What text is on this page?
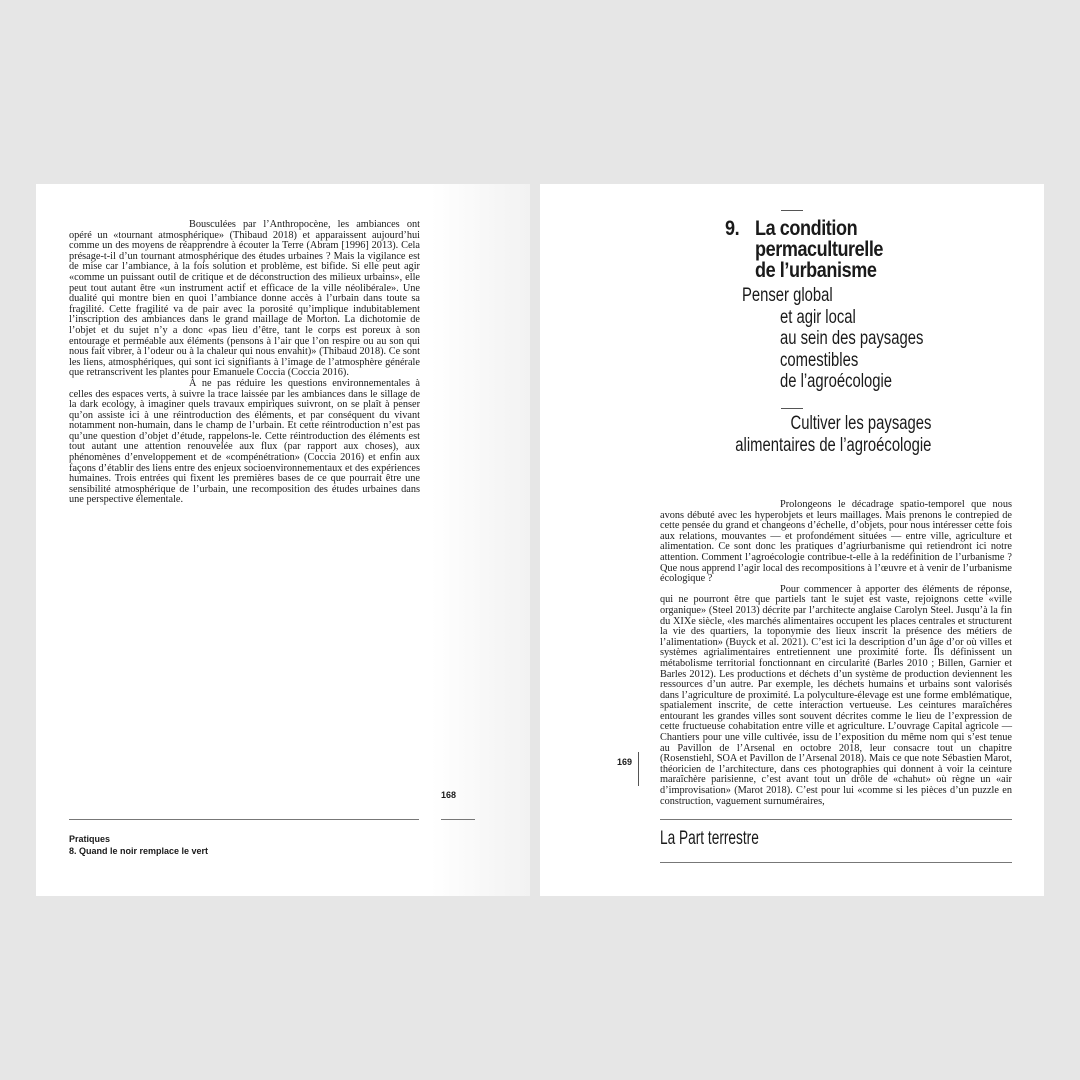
Bousculées par l’Anthropocène, les ambiances ont opéré un «tournant atmosphérique» (Thibaud 2018) et apparaissent aujourd’hui comme un des moyens de réapprendre à écouter la Terre (Abram [1996] 2013). Cela présage-t-il d’un tournant atmosphérique des études urbaines ? Mais la vigilance est de mise car l’ambiance, à la fois solution et problème, est bifide. Si elle peut agir «comme un puissant outil de critique et de déconstruction des milieux urbains», elle peut tout autant être «un instrument actif et efficace de la ville néolibérale». Une dualité qui montre bien en quoi l’ambiance donne accès à l’urbain dans toute sa fragilité. Cette fragilité va de pair avec la porosité qu’implique indubitablement l’inscription des ambiances dans le grand maillage de Morton. La dichotomie de l’objet et du sujet n’y a donc «pas lieu d’être, tant le corps est poreux à son entourage et perméable aux éléments (pensons à l’air que l’on respire ou au son qui nous fait vibrer, à l’odeur ou à la chaleur qui nous envahit)» (Thibaud 2018). Ce sont les liens, atmosphériques, qui sont ici signifiants à l’image de l’atmosphère générale que retranscrivent les plantes pour Emanuele Coccia (Coccia 2016).

À ne pas réduire les questions environnementales à celles des espaces verts, à suivre la trace laissée par les ambiances dans le sillage de la dark ecology, à imaginer quels travaux empiriques suivront, on se plaît à penser qu’on assiste ici à une réintroduction des éléments, et par conséquent du vivant notamment non-humain, dans le champ de l’urbain. Et cette réintroduction n’est pas qu’une question d’objet d’étude, rappelons-le. Cette réintroduction des éléments est tout autant une attention renouvelée aux flux (par rapport aux choses), aux phénomènes d’enveloppement et de «compénétration» (Coccia 2016) et enfin aux façons d’établir des liens entre des enjeux socioenvironnementaux et des expériences humaines. Trois entrées qui fixent les premières bases de ce que pourrait être une sensibilité atmosphérique de l’urbain, une recomposition des études urbaines dans une perspective élementale.

168
Pratiques
8. Quand le noir remplace le vert
9. La condition
permaculturelle
de l’urbanisme
Penser global
et agir local
au sein des paysages
comestibles
de l’agroécologie
Cultiver les paysages
alimentaires de l’agroécologie

Prolongeons le décadrage spatio-temporel que nous avons débuté avec les hyperobjets et leurs maillages. Mais prenons le contrepied de cette pensée du grand et changeons d’échelle, d’objets, pour nous intéresser cette fois aux relations, mouvantes — et profondément situées — entre ville, agriculture et alimentation. Ce sont donc les pratiques d’agriurbanisme qui retiendront ici notre attention. Comment l’agroécologie contribue-t-elle à la redéfinition de l’urbanisme ? Que nous apprend l’agir local des recompositions à l’œuvre et à venir de l’urbanisme écologique ?

Pour commencer à apporter des éléments de réponse, qui ne pourront être que partiels tant le sujet est vaste, rejoignons cette «ville organique» (Steel 2013) décrite par l’architecte anglaise Carolyn Steel. Jusqu’à la fin du XIXe siècle, «les marchés alimentaires occupent les places centrales et structurent la vie des quartiers, la toponymie des lieux inscrit la présence des métiers de l’alimentation» (Buyck et al. 2021). C’est ici la description d’un âge d’or où villes et systèmes agrialimentaires entretiennent une proximité forte. Ils définissent un métabolisme territorial fonctionnant en circularité (Barles 2010 ; Billen, Garnier et Barles 2012). Les productions et déchets d’un système de production deviennent les ressources d’un autre. Par exemple, les déchets humains et urbains sont valorisés dans l’agriculture de proximité. La polyculture-élevage est une forme emblématique, spatialement inscrite, de cette interaction vertueuse. Les ceintures maraîchères entourant les grandes villes sont souvent décrites comme le lieu de l’expression de cette fructueuse cohabitation entre ville et agriculture. L’ouvrage Capital agricole — Chantiers pour une ville cultivée, issu de l’exposition du même nom qui s’est tenue au Pavillon de l’Arsenal en octobre 2018, leur consacre tout un chapitre (Rosenstiehl, SOA et Pavillon de l’Arsenal 2018). Mais ce que note Sébastien Marot, théoricien de l’architecture, dans ces photographies qui donnent à voir la ceinture maraîchère parisienne, c’est avant tout un drôle de «chahut» où règne un «air d’improvisation» (Marot 2018). C’est pour lui «comme si les pièces d’un puzzle en construction, vaguement surnuméraires,

169
La Part terrestre
